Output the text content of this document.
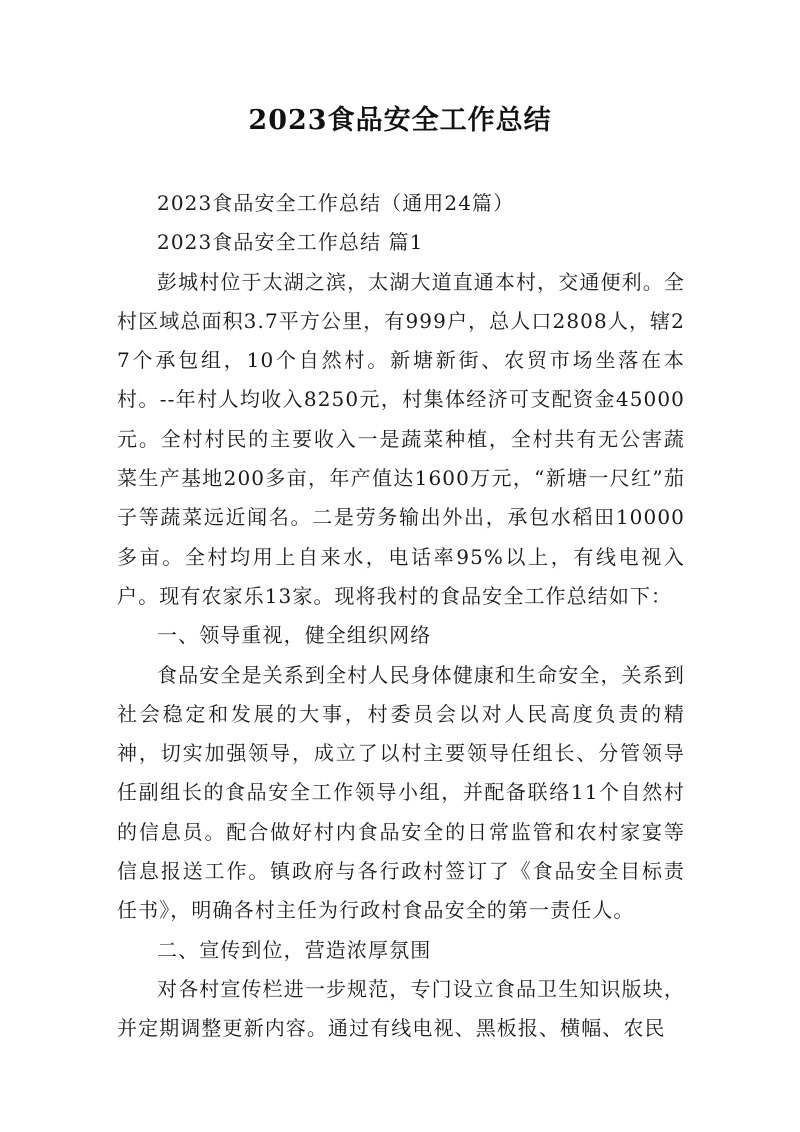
2023食品安全工作总结

2023食品安全工作总结（通用24篇）

2023食品安全工作总结 篇1

彭城村位于太湖之滨，太湖大道直通本村，交通便利。全村区域总面积3.7平方公里，有999户，总人口2808人，辖27个承包组，10个自然村。新塘新街、农贸市场坐落在本村。--年村人均收入8250元，村集体经济可支配资金45000元。全村村民的主要收入一是蔬菜种植，全村共有无公害蔬菜生产基地200多亩，年产值达1600万元，“新塘一尺红”茄子等蔬菜远近闻名。二是劳务输出外出，承包水稻田10000多亩。全村均用上自来水，电话率95%以上，有线电视入户。现有农家乐13家。现将我村的食品安全工作总结如下：

一、领导重视，健全组织网络

食品安全是关系到全村人民身体健康和生命安全，关系到社会稳定和发展的大事，村委员会以对人民高度负责的精神，切实加强领导，成立了以村主要领导任组长、分管领导任副组长的食品安全工作领导小组，并配备联络11个自然村的信息员。配合做好村内食品安全的日常监管和农村家宴等信息报送工作。镇政府与各行政村签订了《食品安全目标责任书》，明确各村主任为行政村食品安全的第一责任人。

二、宣传到位，营造浓厚氛围

对各村宣传栏进一步规范，专门设立食品卫生知识版块，并定期调整更新内容。通过有线电视、黑板报、横幅、农民
